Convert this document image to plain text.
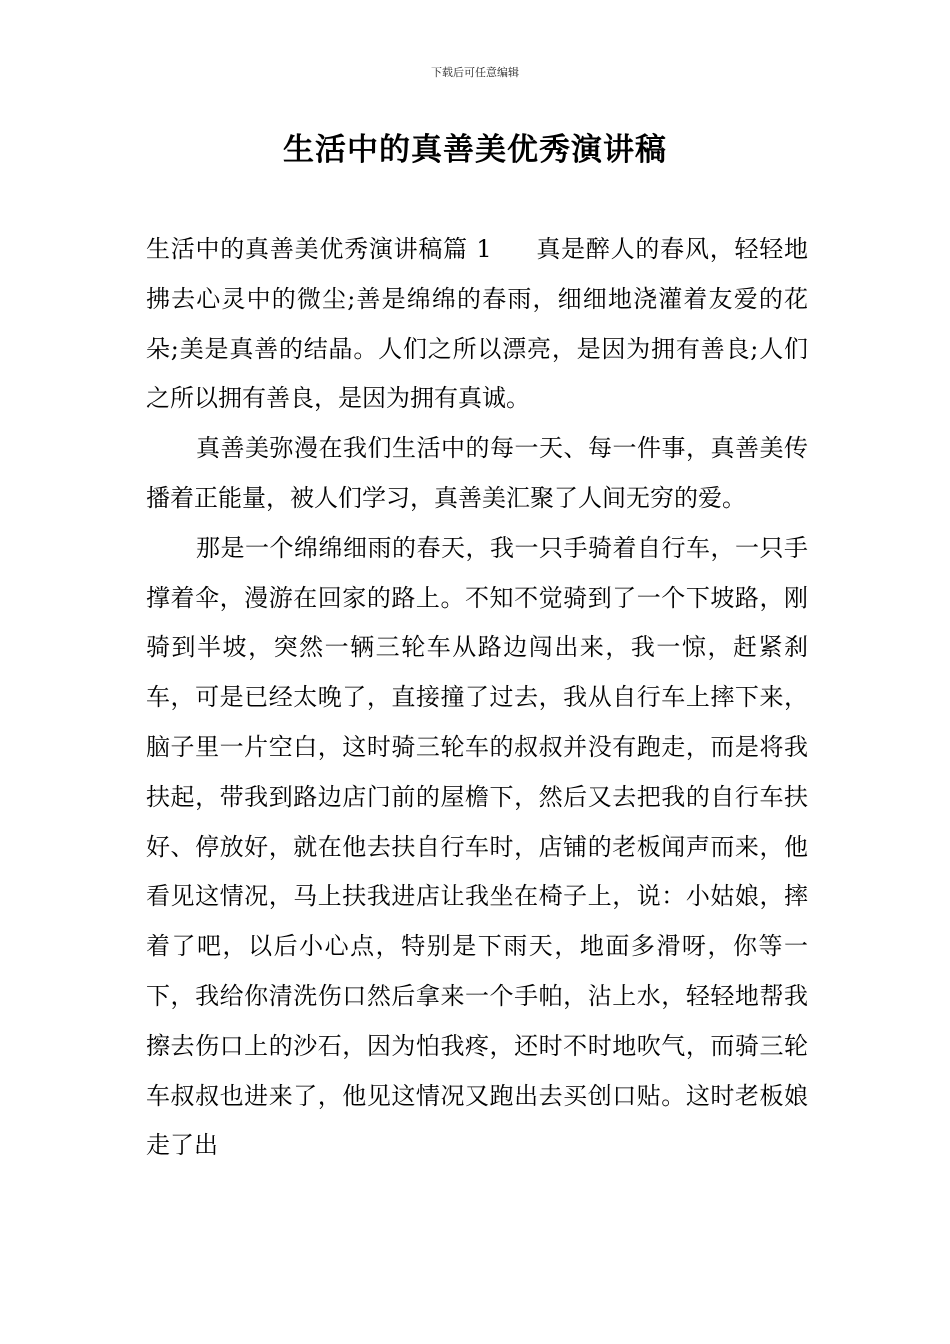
下载后可任意编辑
生活中的真善美优秀演讲稿

生活中的真善美优秀演讲稿篇 1 真是醉人的春风，轻轻地拂去心灵中的微尘;善是绵绵的春雨，细细地浇灌着友爱的花朵;美是真善的结晶。人们之所以漂亮，是因为拥有善良;人们之所以拥有善良，是因为拥有真诚。

真善美弥漫在我们生活中的每一天、每一件事，真善美传播着正能量，被人们学习，真善美汇聚了人间无穷的爱。

那是一个绵绵细雨的春天，我一只手骑着自行车，一只手撑着伞，漫游在回家的路上。不知不觉骑到了一个下坡路，刚骑到半坡，突然一辆三轮车从路边闯出来，我一惊，赶紧刹车，可是已经太晚了，直接撞了过去，我从自行车上摔下来，脑子里一片空白，这时骑三轮车的叔叔并没有跑走，而是将我扶起，带我到路边店门前的屋檐下，然后又去把我的自行车扶好、停放好，就在他去扶自行车时，店铺的老板闻声而来，他看见这情况，马上扶我进店让我坐在椅子上，说：小姑娘，摔着了吧，以后小心点，特别是下雨天，地面多滑呀，你等一下，我给你清洗伤口然后拿来一个手帕，沾上水，轻轻地帮我擦去伤口上的沙石，因为怕我疼，还时不时地吹气，而骑三轮车叔叔也进来了，他见这情况又跑出去买创口贴。这时老板娘走了出
